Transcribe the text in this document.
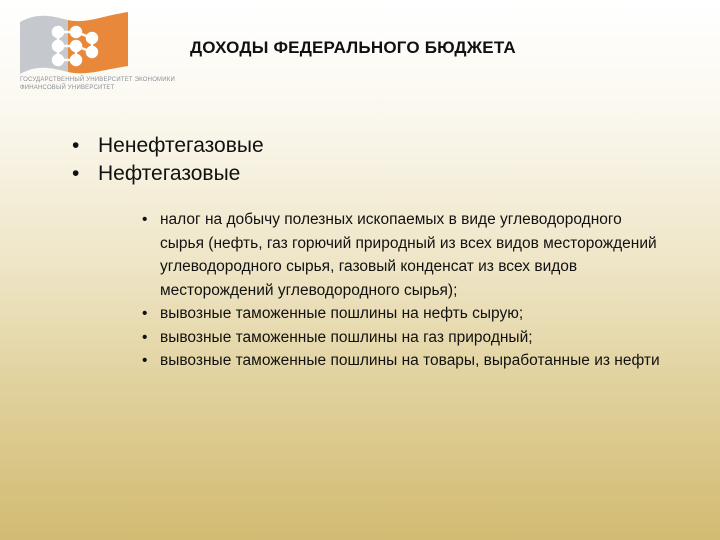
ГОСУДАРСТВЕННЫЙ УНИВЕРСИТЕТ ЭКОНОМИКИ
ФИНАНСОВЫЙ УНИВЕРСИТЕТ
ДОХОДЫ ФЕДЕРАЛЬНОГО БЮДЖЕТА
• Ненефтегазовые
• Нефтегазовые
• налог на добычу полезных ископаемых в виде углеводородного сырья (нефть, газ горючий природный из всех видов месторождений углеводородного сырья, газовый конденсат из всех видов месторождений углеводородного сырья);
• вывозные таможенные пошлины на нефть сырую;
• вывозные таможенные пошлины на газ природный;
• вывозные таможенные пошлины на товары, выработанные из нефти
